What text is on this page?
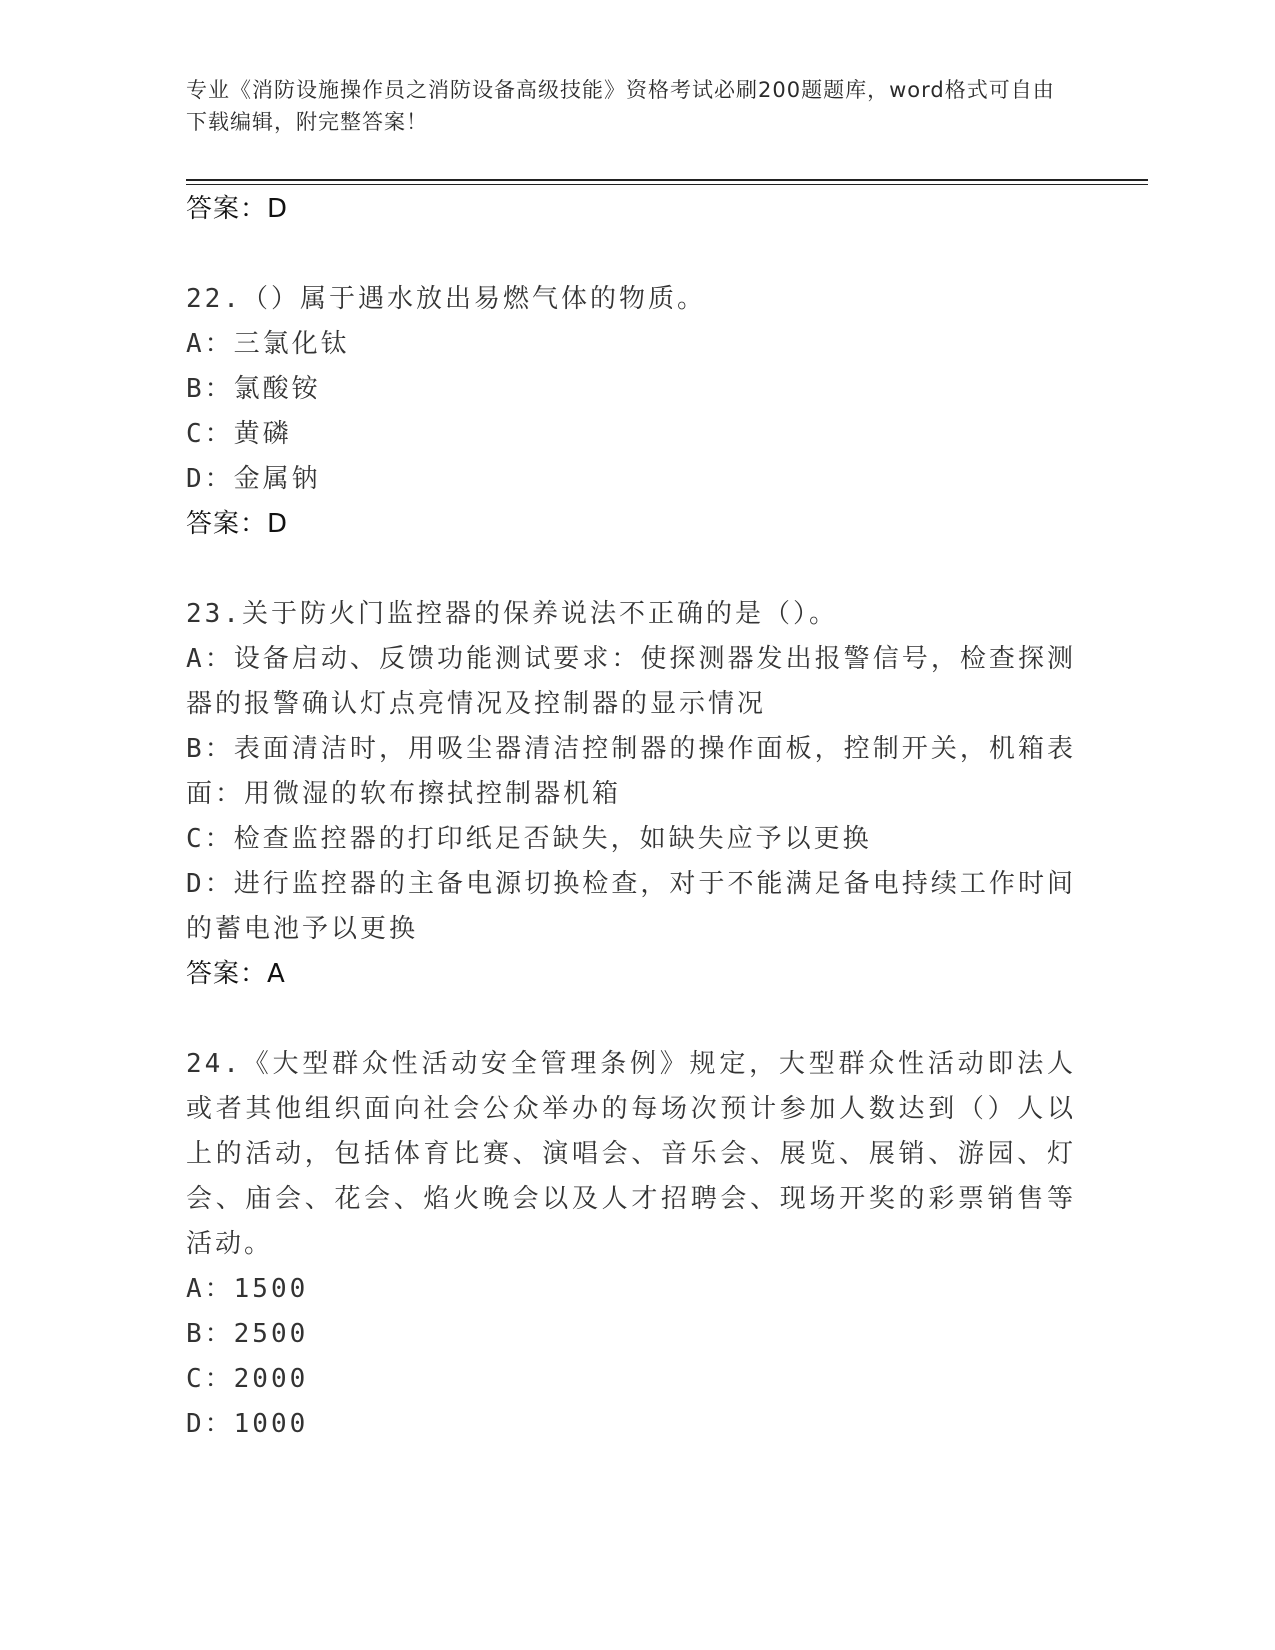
专业《消防设施操作员之消防设备高级技能》资格考试必刷200题题库，word格式可自由下载编辑，附完整答案！
答案：D
22.（）属于遇水放出易燃气体的物质。
A：三氯化钛
B：氯酸铵
C：黄磷
D：金属钠
答案：D
23.关于防火门监控器的保养说法不正确的是（）。
A：设备启动、反馈功能测试要求：使探测器发出报警信号，检查探测器的报警确认灯点亮情况及控制器的显示情况
B：表面清洁时，用吸尘器清洁控制器的操作面板，控制开关，机箱表面：用微湿的软布擦拭控制器机箱
C：检查监控器的打印纸足否缺失，如缺失应予以更换
D：进行监控器的主备电源切换检查，对于不能满足备电持续工作时间的蓄电池予以更换
答案：A
24.《大型群众性活动安全管理条例》规定，大型群众性活动即法人或者其他组织面向社会公众举办的每场次预计参加人数达到（）人以上的活动，包括体育比赛、演唱会、音乐会、展览、展销、游园、灯会、庙会、花会、焰火晚会以及人才招聘会、现场开奖的彩票销售等活动。
A：1500
B：2500
C：2000
D：1000
